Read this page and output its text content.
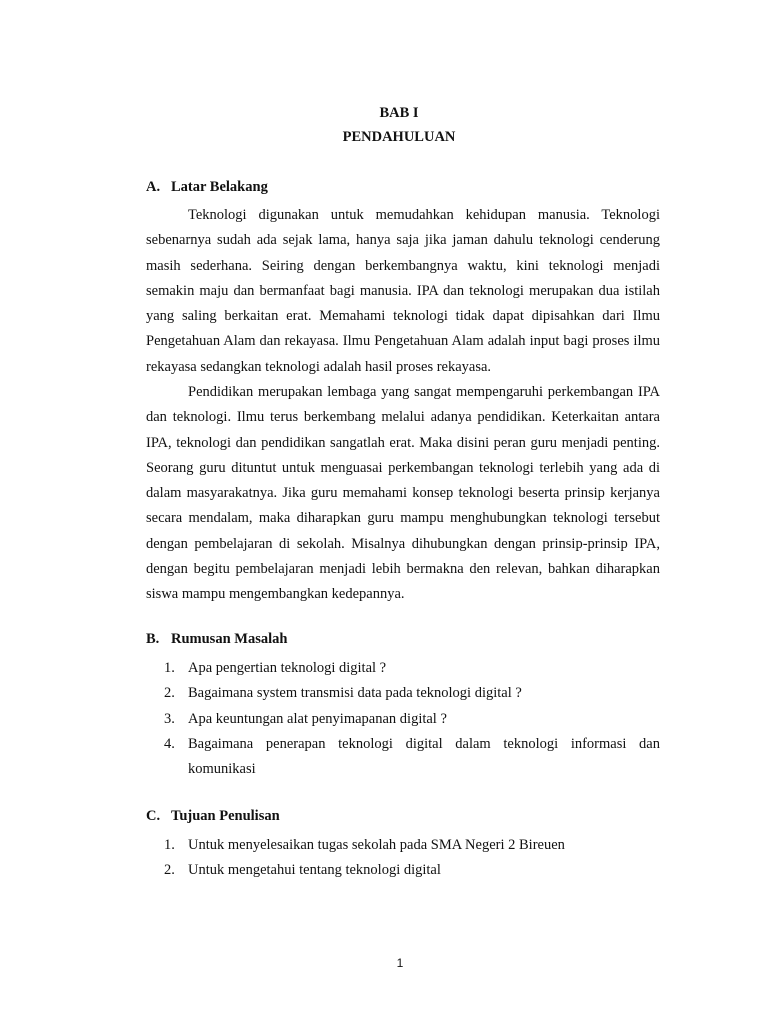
BAB I
PENDAHULUAN
A. Latar Belakang

Teknologi digunakan untuk memudahkan kehidupan manusia. Teknologi sebenarnya sudah ada sejak lama, hanya saja jika jaman dahulu teknologi cenderung masih sederhana. Seiring dengan berkembangnya waktu, kini teknologi menjadi semakin maju dan bermanfaat bagi manusia. IPA dan teknologi merupakan dua istilah yang saling berkaitan erat. Memahami teknologi tidak dapat dipisahkan dari Ilmu Pengetahuan Alam dan rekayasa. Ilmu Pengetahuan Alam adalah input bagi proses ilmu rekayasa sedangkan teknologi adalah hasil proses rekayasa.

Pendidikan merupakan lembaga yang sangat mempengaruhi perkembangan IPA dan teknologi. Ilmu terus berkembang melalui adanya pendidikan. Keterkaitan antara IPA, teknologi dan pendidikan sangatlah erat. Maka disini peran guru menjadi penting. Seorang guru dituntut untuk menguasai perkembangan teknologi terlebih yang ada di dalam masyarakatnya. Jika guru memahami konsep teknologi beserta prinsip kerjanya secara mendalam, maka diharapkan guru mampu menghubungkan teknologi tersebut dengan pembelajaran di sekolah. Misalnya dihubungkan dengan prinsip-prinsip IPA, dengan begitu pembelajaran menjadi lebih bermakna den relevan, bahkan diharapkan siswa mampu mengembangkan kedepannya.

B. Rumusan Masalah
1. Apa pengertian teknologi digital ?
2. Bagaimana system transmisi data pada teknologi digital ?
3. Apa keuntungan alat penyimapanan digital ?
4. Bagaimana penerapan teknologi digital dalam teknologi informasi dan komunikasi
C. Tujuan Penulisan
1. Untuk menyelesaikan tugas sekolah pada SMA Negeri 2 Bireuen
2. Untuk mengetahui tentang teknologi digital
1
